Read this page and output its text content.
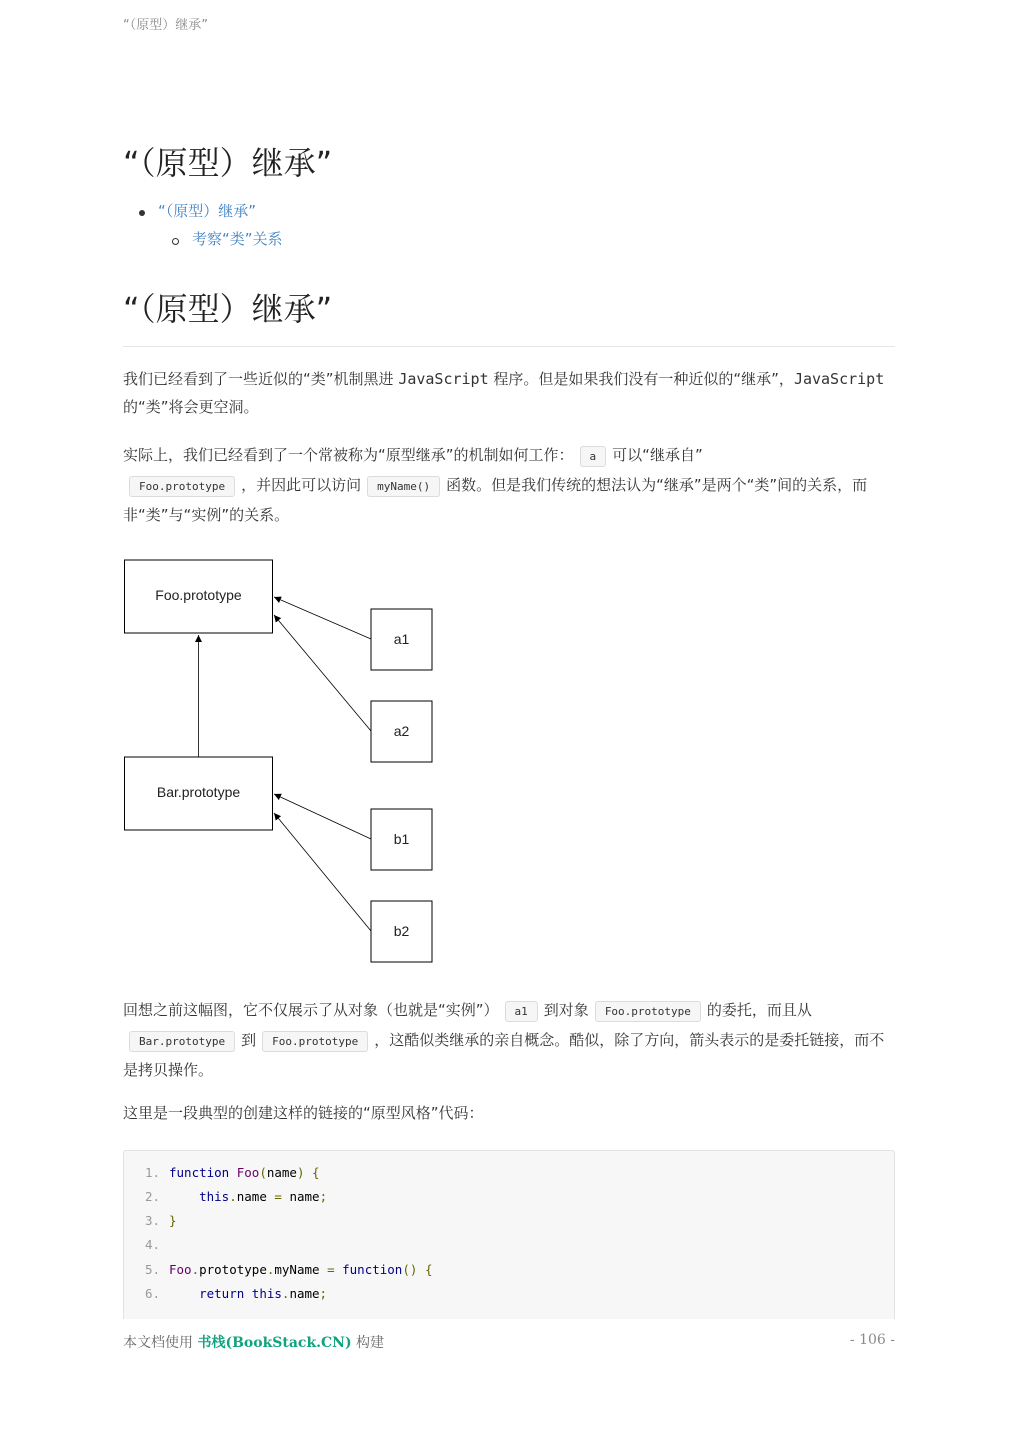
“（原型）继承”
“（原型）继承”
“（原型）继承”
考察“类”关系
“（原型）继承”

我们已经看到了一些近似的“类”机制黑进 JavaScript 程序。但是如果我们没有一种近似的“继承”，JavaScript 的“类”将会更空洞。

实际上，我们已经看到了一个常被称为“原型继承”的机制如何工作： a 可以“继承自”
Foo.prototype ，并因此可以访问 myName() 函数。但是我们传统的想法认为“继承”是两个“类”间的关系，而非“类”与“实例”的关系。

Foo.prototype
Bar.prototype
a1
a2
b1
b2

回想之前这幅图，它不仅展示了从对象（也就是“实例”） a1 到对象 Foo.prototype 的委托，而且从Bar.prototype 到 Foo.prototype ，这酷似类继承的亲自概念。酷似，除了方向，箭头表示的是委托链接，而不是拷贝操作。

这里是一段典型的创建这样的链接的“原型风格”代码：

1. function Foo(name) {
2.	this.name = name;
3. }
4.
5. Foo.prototype.myName = function() {
6.	return this.name;
本文档使用 书栈(BookStack.CN) 构建	- 106 -
